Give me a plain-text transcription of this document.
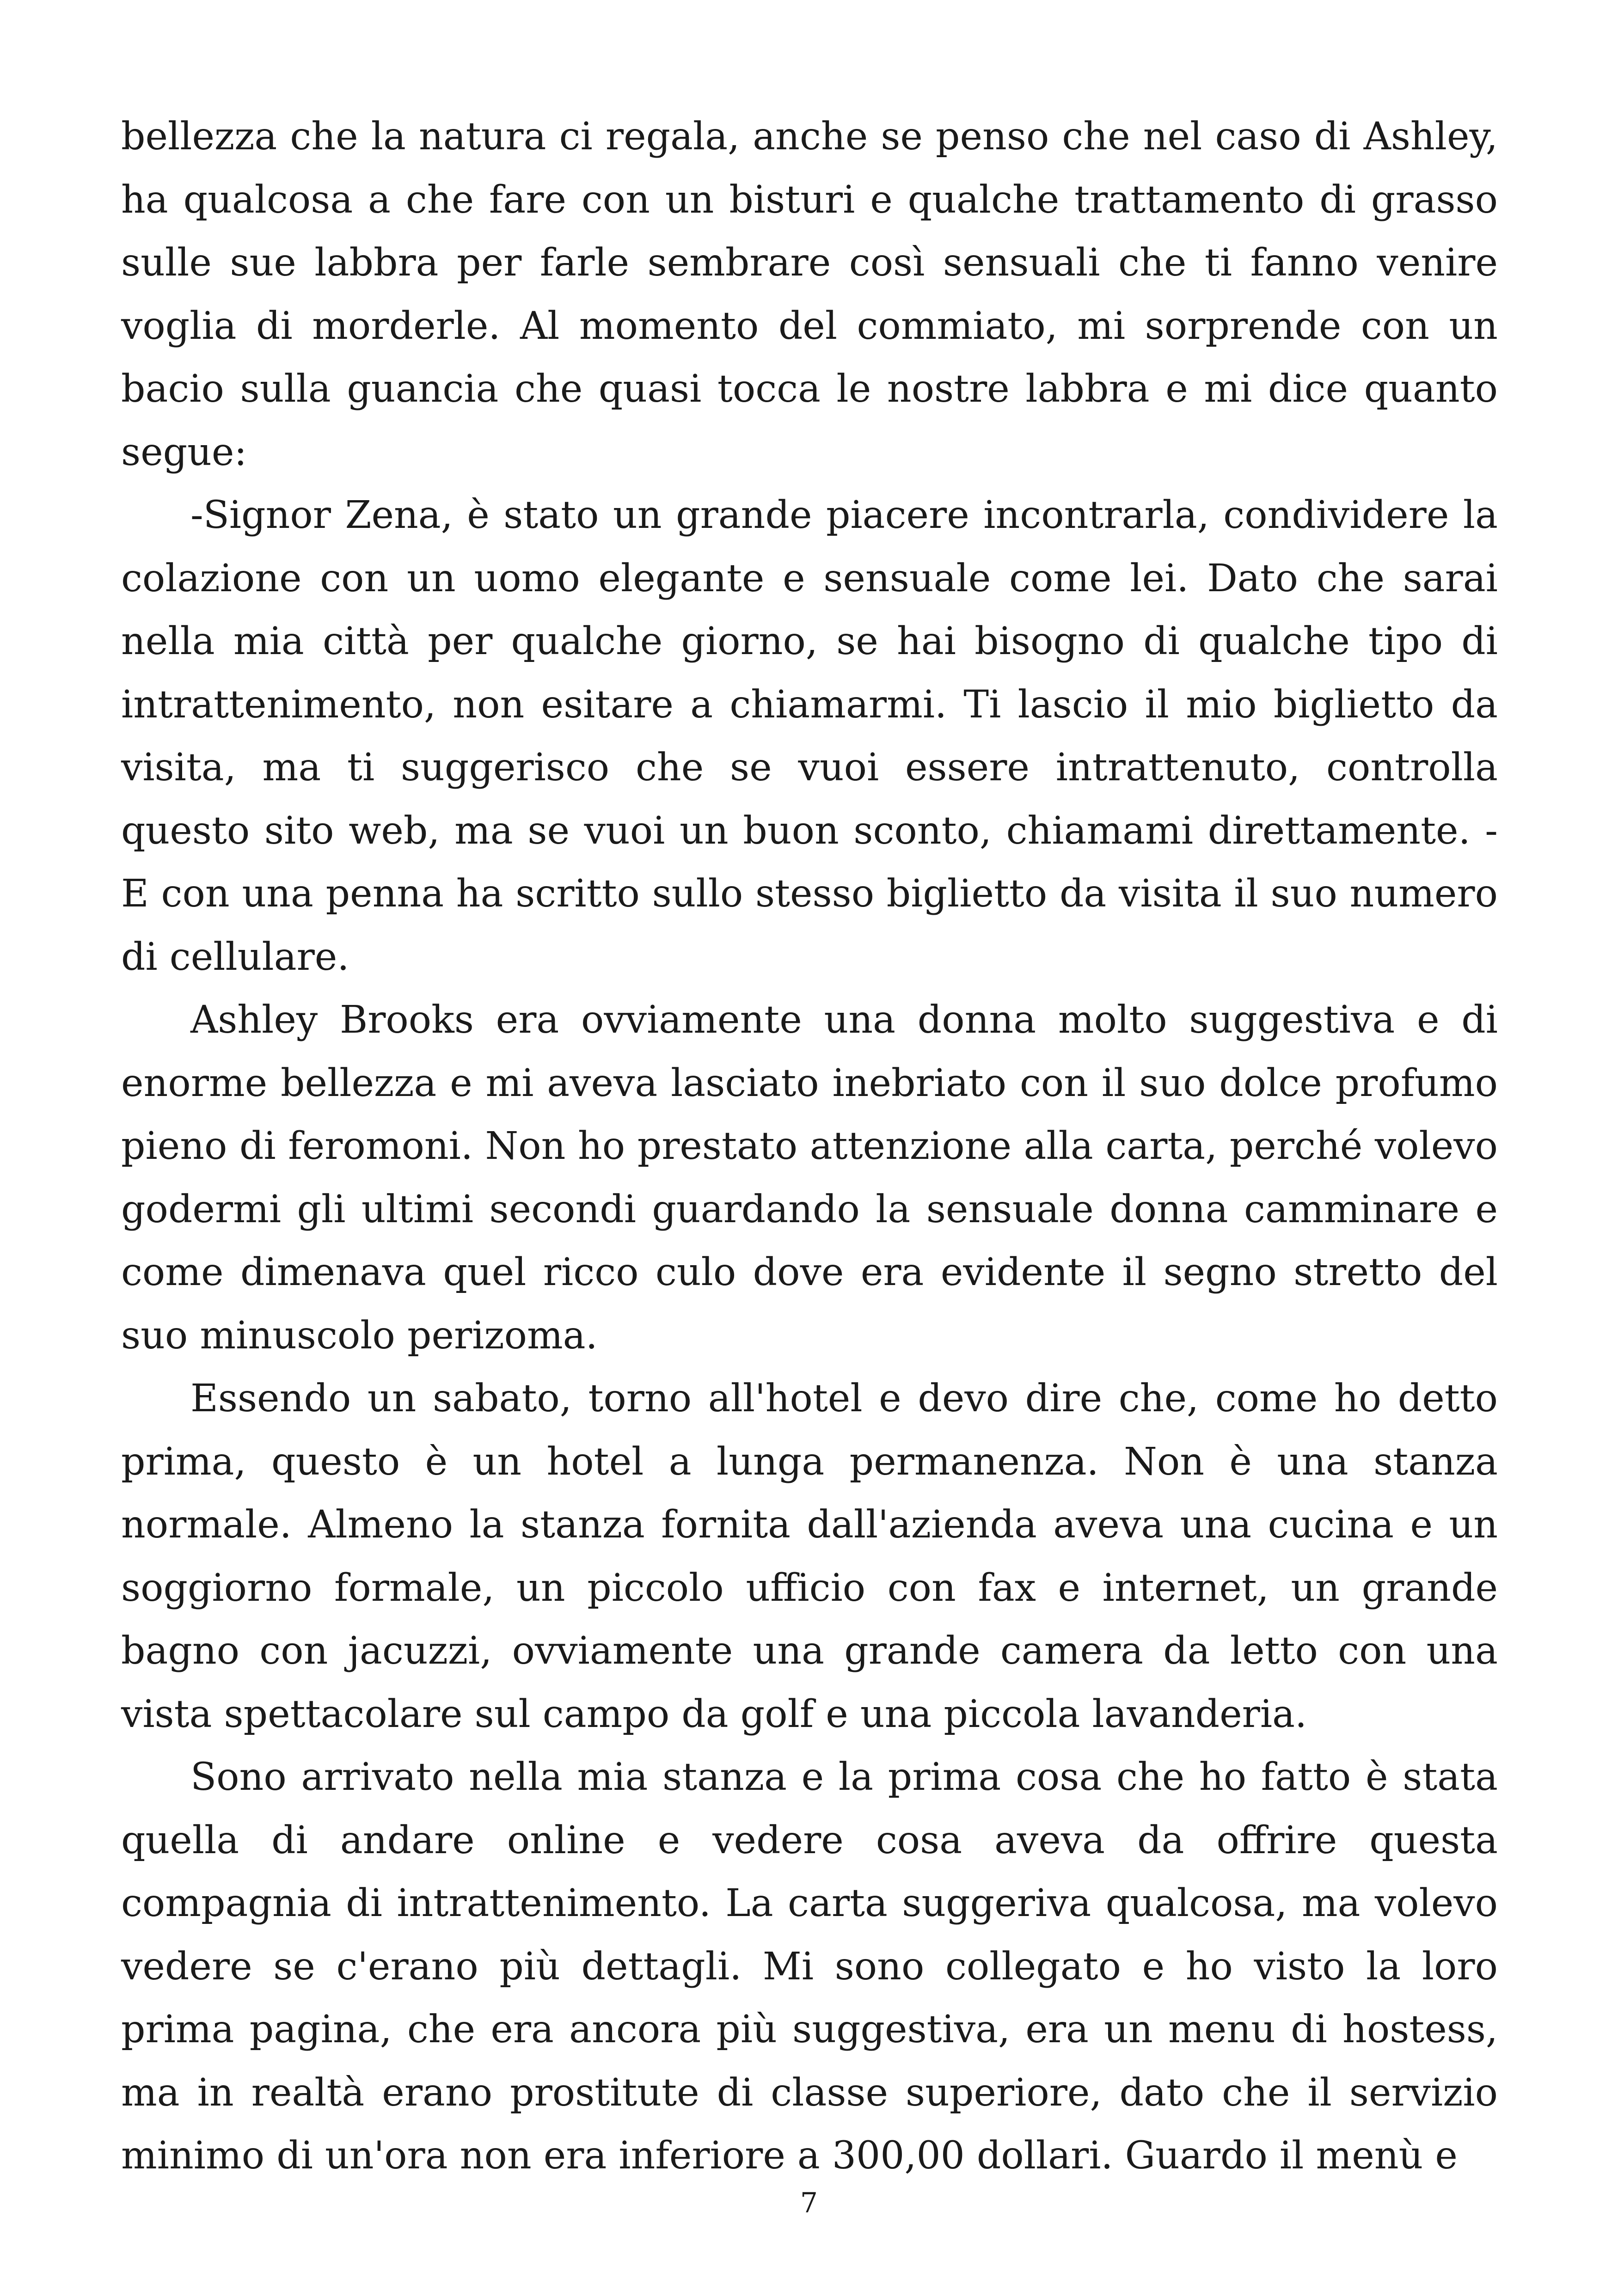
bellezza che la natura ci regala, anche se penso che nel caso di Ashley, ha qualcosa a che fare con un bisturi e qualche trattamento di grasso sulle sue labbra per farle sembrare così sensuali che ti fanno venire voglia di morderle. Al momento del commiato, mi sorprende con un bacio sulla guancia che quasi tocca le nostre labbra e mi dice quanto segue:

-Signor Zena, è stato un grande piacere incontrarla, condividere la colazione con un uomo elegante e sensuale come lei. Dato che sarai nella mia città per qualche giorno, se hai bisogno di qualche tipo di intrattenimento, non esitare a chiamarmi. Ti lascio il mio biglietto da visita, ma ti suggerisco che se vuoi essere intrattenuto, controlla questo sito web, ma se vuoi un buon sconto, chiamami direttamente. - E con una penna ha scritto sullo stesso biglietto da visita il suo numero di cellulare.

Ashley Brooks era ovviamente una donna molto suggestiva e di enorme bellezza e mi aveva lasciato inebriato con il suo dolce profumo pieno di feromoni. Non ho prestato attenzione alla carta, perché volevo godermi gli ultimi secondi guardando la sensuale donna camminare e come dimenava quel ricco culo dove era evidente il segno stretto del suo minuscolo perizoma.

Essendo un sabato, torno all'hotel e devo dire che, come ho detto prima, questo è un hotel a lunga permanenza. Non è una stanza normale. Almeno la stanza fornita dall'azienda aveva una cucina e un soggiorno formale, un piccolo ufficio con fax e internet, un grande bagno con jacuzzi, ovviamente una grande camera da letto con una vista spettacolare sul campo da golf e una piccola lavanderia.

Sono arrivato nella mia stanza e la prima cosa che ho fatto è stata quella di andare online e vedere cosa aveva da offrire questa compagnia di intrattenimento. La carta suggeriva qualcosa, ma volevo vedere se c'erano più dettagli. Mi sono collegato e ho visto la loro prima pagina, che era ancora più suggestiva, era un menu di hostess, ma in realtà erano prostitute di classe superiore, dato che il servizio minimo di un'ora non era inferiore a 300,00 dollari. Guardo il menù e

7
